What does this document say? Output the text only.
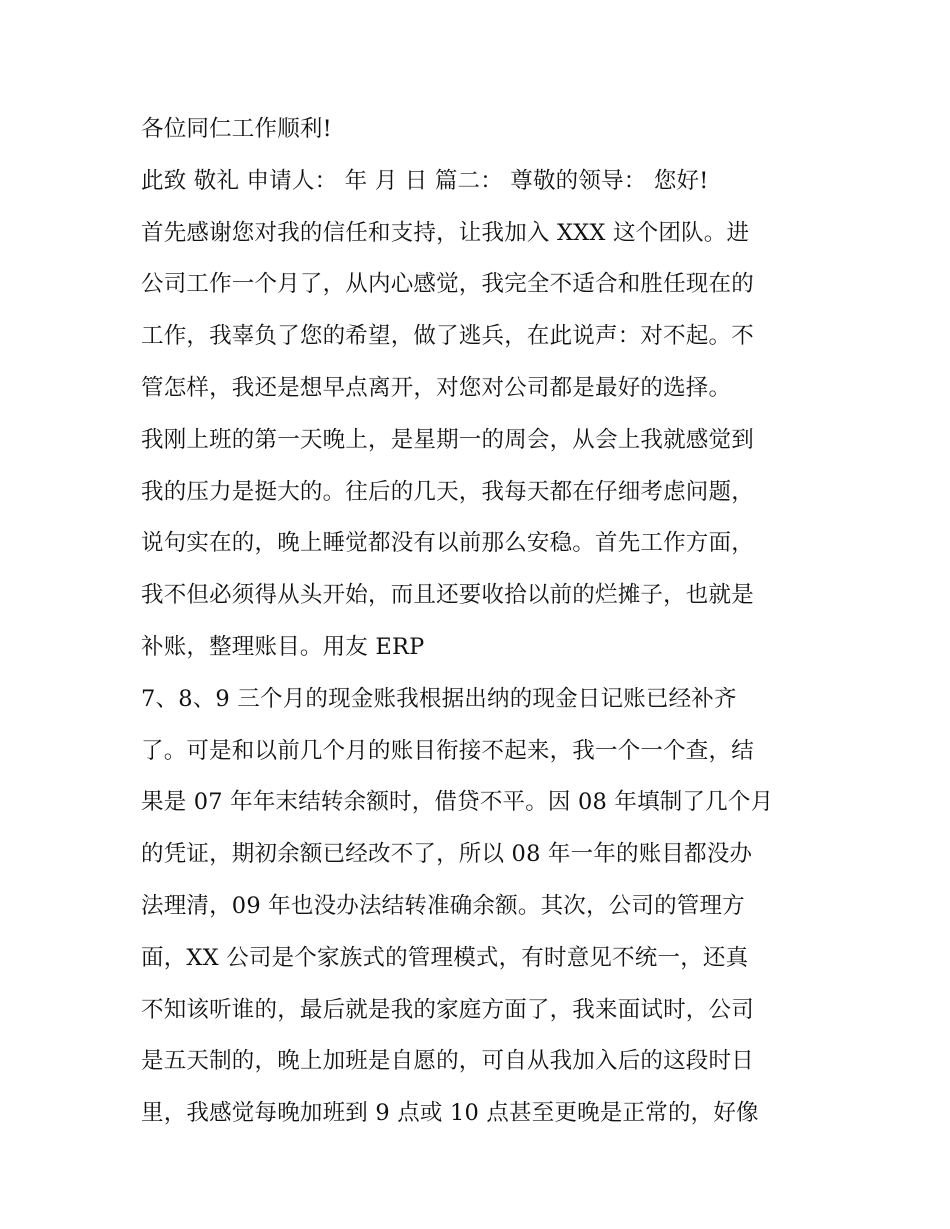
各位同仁工作顺利!
此致 敬礼 申请人： 年 月 日 篇二： 尊敬的领导： 您好!
首先感谢您对我的信任和支持，让我加入 XXX 这个团队。进
公司工作一个月了，从内心感觉，我完全不适合和胜任现在的
工作，我辜负了您的希望，做了逃兵，在此说声：对不起。不
管怎样，我还是想早点离开，对您对公司都是最好的选择。
我刚上班的第一天晚上，是星期一的周会，从会上我就感觉到
我的压力是挺大的。往后的几天，我每天都在仔细考虑问题，
说句实在的，晚上睡觉都没有以前那么安稳。首先工作方面，
我不但必须得从头开始，而且还要收拾以前的烂摊子，也就是
补账，整理账目。用友 ERP
7、8、9 三个月的现金账我根据出纳的现金日记账已经补齐
了。可是和以前几个月的账目衔接不起来，我一个一个查，结
果是 07 年年末结转余额时，借贷不平。因 08 年填制了几个月
的凭证，期初余额已经改不了，所以 08 年一年的账目都没办
法理清，09 年也没办法结转准确余额。其次，公司的管理方
面，XX 公司是个家族式的管理模式，有时意见不统一，还真
不知该听谁的，最后就是我的家庭方面了，我来面试时，公司
是五天制的，晚上加班是自愿的，可自从我加入后的这段时日
里，我感觉每晚加班到 9 点或 10 点甚至更晚是正常的，好像
